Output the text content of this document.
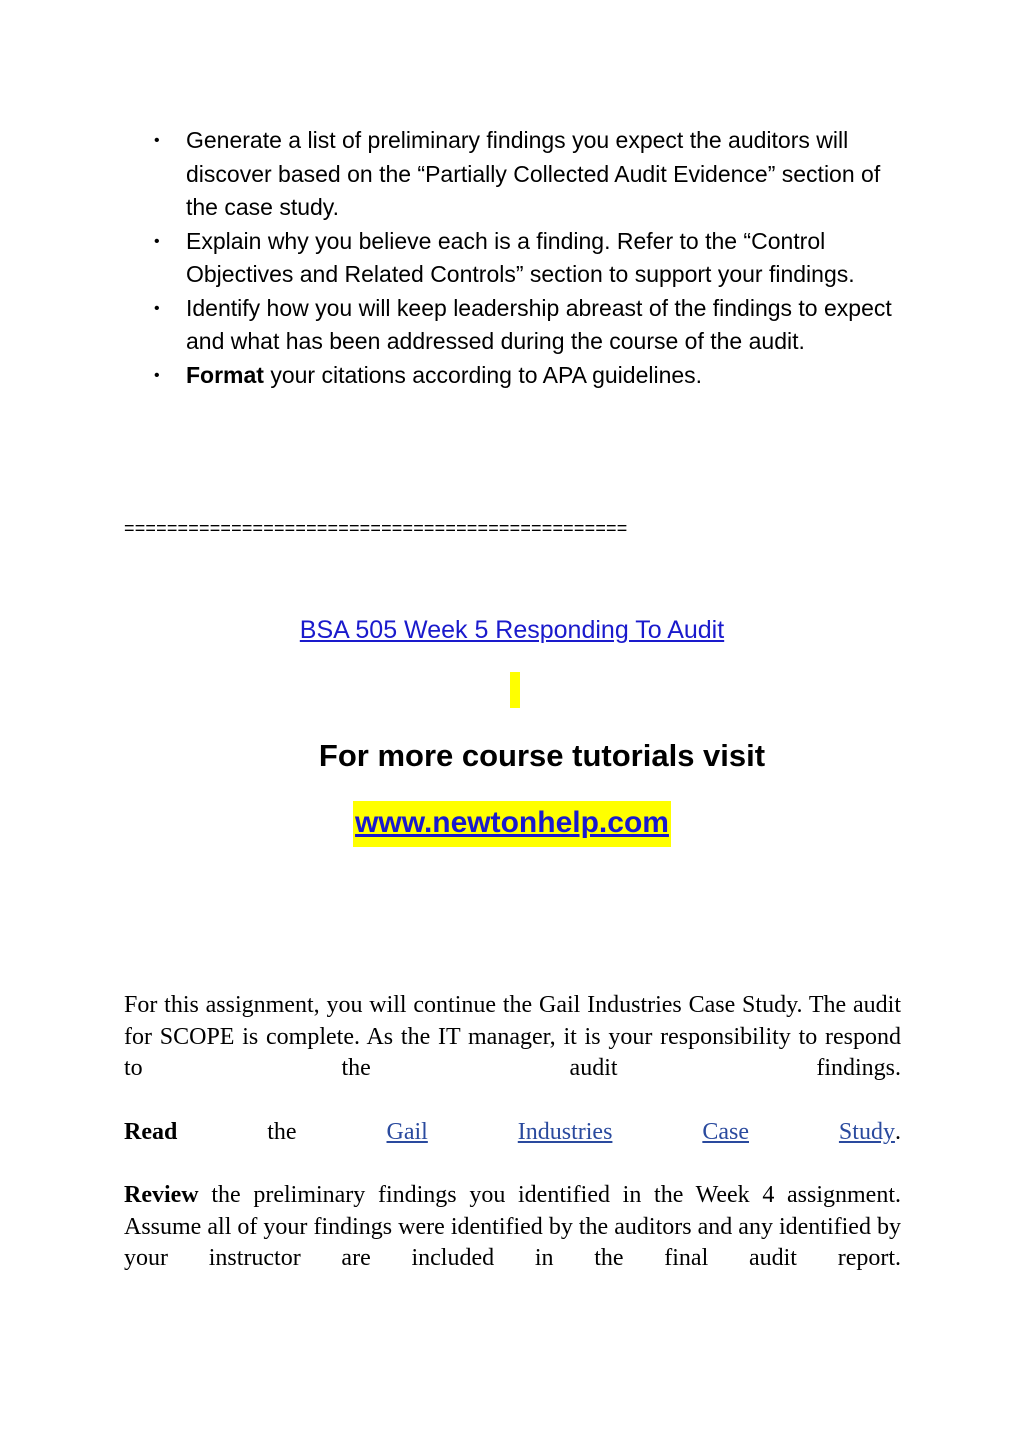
• Generate a list of preliminary findings you expect the auditors will discover based on the “Partially Collected Audit Evidence” section of the case study.
• Explain why you believe each is a finding. Refer to the “Control Objectives and Related Controls” section to support your findings.
• Identify how you will keep leadership abreast of the findings to expect and what has been addressed during the course of the audit.
• Format your citations according to APA guidelines.
===============================================
BSA 505 Week 5 Responding To Audit
For more course tutorials visit
www.newtonhelp.com

For this assignment, you will continue the Gail Industries Case Study. The audit for SCOPE is complete. As the IT manager, it is your responsibility to respond to the audit findings.

Read	the	Gail	Industries	Case	Study.

Review the preliminary findings you identified in the Week 4 assignment. Assume all of your findings were identified by the auditors and any identified by your instructor are included in the final audit report.
